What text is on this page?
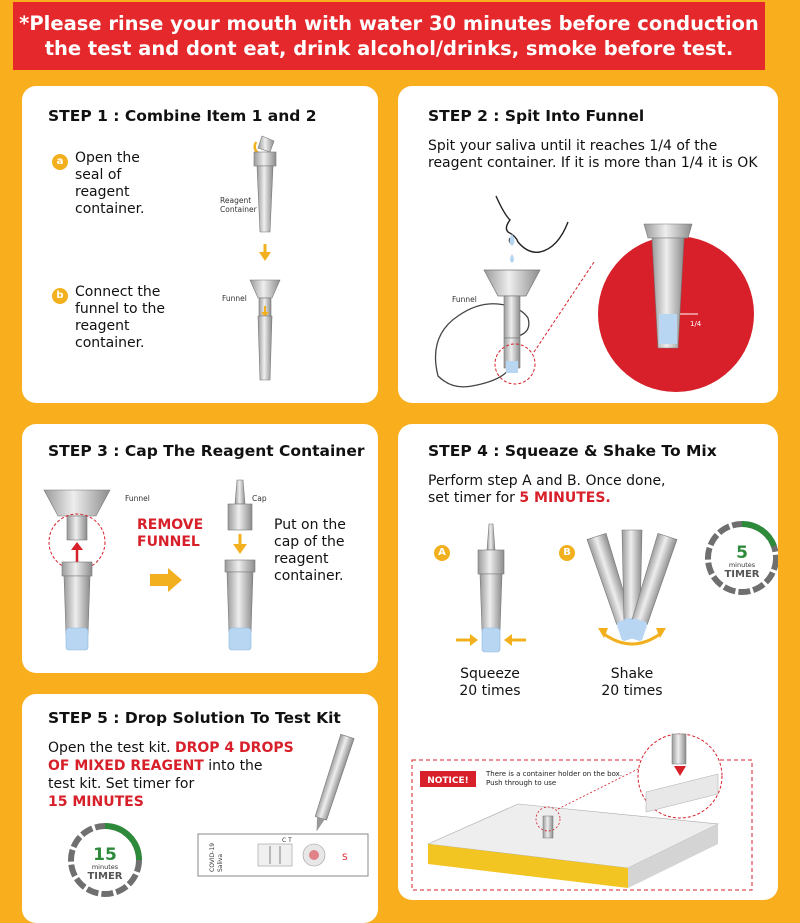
*Please rinse your mouth with water 30 minutes before conduction
the test and dont eat, drink alcohol/drinks, smoke before test.
STEP 1 : Combine Item 1 and 2
a Open the seal of reagent container.
b Connect the funnel to the reagent container.
Reagent
Container
Funnel
STEP 2 : Spit Into Funnel
Spit your saliva until it reaches 1/4 of the reagent container. If it is more than 1/4 it is OK
Funnel
1/4
STEP 3 : Cap The Reagent Container
Funnel	Cap
REMOVE
FUNNEL
Put on the cap of the reagent container.
STEP 4 : Squeaze & Shake To Mix
Perform step A and B. Once done,
set timer for 5 MINUTES.
A	B
Squeeze
20 times
Shake
20 times
NOTICE!
There is a container holder on the box.
Push through to use
5
minutes
TIMER
STEP 5 : Drop Solution To Test Kit
Open the test kit. DROP 4 DROPS
OF MIXED REAGENT into the
test kit. Set timer for
15 MINUTES
COVID-19 Saliva
C T
S
15
minutes
TIMER
